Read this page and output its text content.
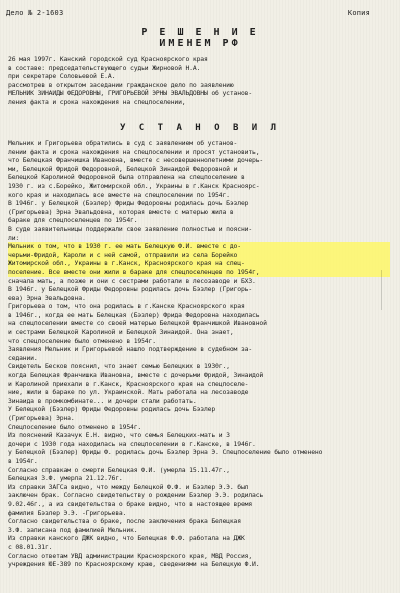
Дело № 2-1603	Копия
Р Е Ш Е Н И Е
ИМЕНЕМ РФ
26 мая 1997г. Канский городской суд Красноярского края
в составе: председательствующего судьи Жирновой Н.А.
при секретаре Соловьевой Е.А.
рассмотрев в открытом заседании гражданское дело по заявлению
МЕЛЬНИК ЗИНАИДЫ ФЕДОРОВНЫ, ГРИГОРЬЕВОЙ ЭРНЫ ЭВАЛЬДОВНЫ об установ-
ления факта и срока нахождения на спецпоселении,
У С Т А Н О В И Л
Мельник и Григорьева обратились в суд с заявлением об установ-
лении факта и срока нахождения на спецпоселении и просят установить,
что Белецкая Франчишка Ивановна, вместе с несовершеннолетними дочерь-
ми, Белецкой Фридой Федоровной, Белецкой Зинаидой Федоровной и
Белецкой Каролиной Федоровной была отправлена на спецпоселение в
1930 г. из с.Борейко, Житомирской обл., Украины в г.Канск Красноярс-
кого края и находилась все вместе на спецпоселении по 1954г.
В 1946г. у Белецкой (Бэзлер) Фриды Федоровны родилась дочь Бэзлер
(Григорьева) Эрна Эвальдовна, которая вместе с матерью жила в
бараке для спецпоселенцев по 1954г.
В суде заявительницы поддержали свое заявление полностью и поясни-
ли:
Мельник о том, что в 1930 г. ее мать Белецкую Ф.И. вместе с до-
черьми-Фридой, Кароли и с ней самой, отправили из села Борейко
Житомирской обл., Украины в г.Канск, Красноярского края на спец-
поселение. Все вместе они жили в бараке для спецпоселенцев по 1954г,
сначала мать, а позже и они с сестрами работали в лесозаводе и БХЗ.
В 1946г. у Белецкой Фриды Федоровны родилась дочь Бэзлер (Григорь-
ева) Эрна Эвальдовна.
Григорьева о том, что она родилась в г.Канске Красноярского края
в 1946г., когда ее мать Белецкая (Бэзлер) Фрида Федоровна находилась
на спецпоселении вместе со своей матерью Белецкой Франчишкой Ивановной
и сестрами Белецкой Каролиной и Белецкой Зинаидой. Она знает,
что спецпоселение было отменено в 1954г.
Заявления Мельник и Григорьевой нашло подтверждение в судебном за-
седании.
Свидетель Бесков пояснил, что знает семью Белецких в 1930г.,
когда Белецкая Франчишка Ивановна, вместе с дочерьми Фридой, Зинаидой
и Каролиной приехали в г.Канск, Красноярского края на спецпоселе-
ние, жили в бараке по ул. Украинской. Мать работала на лесозаводе
Зинаида в промкомбинате... и дочери стали работать.
У Белецкой (Бэзлер) Фриды Федоровны родилась дочь Бэзлер
(Григорьева) Эрна.
Спецпоселение было отменено в 1954г.
Из пояснений Казачук Е.Н. видно, что семья Белецких-мать и 3
дочери с 1930 года находилась на спецпоселении в г.Канске, в 1946г.
у Белецкой (Бэзлер) Фриды Ф. родилась дочь Бэзлер Эрна Э. Спецпоселение было отменено
в 1954г.
Согласно справкам о смерти Белецкая Ф.И. (умерла 15.11.47г.,
Белецкая З.Ф. умерла 21.12.76г.
Из справки ЗАГСа видно, что между Белецкой Ф.Ф. и Бэзлер Э.Э. был
заключен брак. Согласно свидетельству о рождении Бэзлер Э.Э. родилась
9.02.46г., а из свидетельства о браке видно, что в настоящее время
фамилия Бэзлер Э.Э. -Григорьева.
Согласно свидетельства о браке, после заключения брака Белецкая
З.Ф. записана под фамилией Мельник.
Из справки канского ДЖК видно, что Белецкая Ф.Ф. работала на ДЖК
с 08.01.31г.
Согласно ответам УВД администрации Красноярского края, МВД Россия,
учреждения ЮЕ-389 по Красноярскому краю, сведениями на Белецкую Ф.И.
